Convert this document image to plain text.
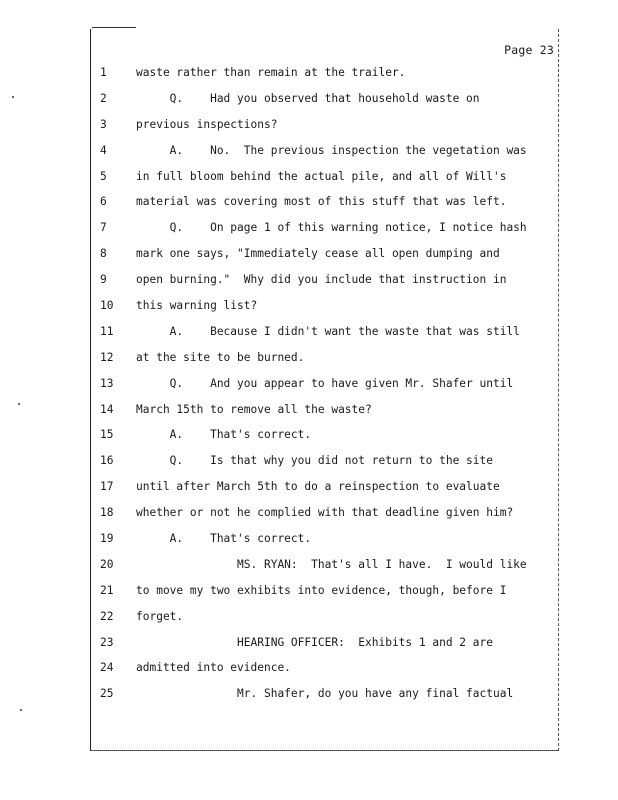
Page 23
1	waste rather than remain at the trailer.
2	Q.    Had you observed that household waste on
3	previous inspections?
4	A.    No.  The previous inspection the vegetation was
5	in full bloom behind the actual pile, and all of Will's
6	material was covering most of this stuff that was left.
7	Q.    On page 1 of this warning notice, I notice hash
8	mark one says, "Immediately cease all open dumping and
9	open burning."  Why did you include that instruction in
10 this warning list?
11 A.    Because I didn't want the waste that was still
12 at the site to be burned.
13 Q.    And you appear to have given Mr. Shafer until
14 March 15th to remove all the waste?
15 A.    That's correct.
16 Q.    Is that why you did not return to the site
17 until after March 5th to do a reinspection to evaluate
18 whether or not he complied with that deadline given him?
19 A.    That's correct.
20 MS. RYAN:  That's all I have.  I would like
21 to move my two exhibits into evidence, though, before I
22 forget.
23 HEARING OFFICER:  Exhibits 1 and 2 are
24 admitted into evidence.
25 Mr. Shafer, do you have any final factual
